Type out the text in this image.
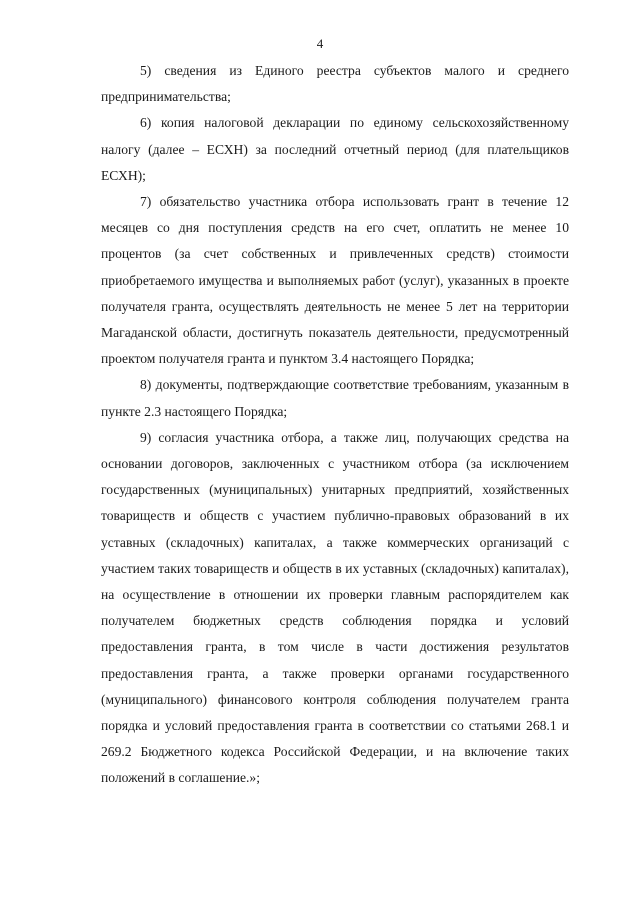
4

5) сведения из Единого реестра субъектов малого и среднего предпринимательства;

6) копия налоговой декларации по единому сельскохозяйственному налогу (далее – ЕСХН) за последний отчетный период (для плательщиков ЕСХН);

7) обязательство участника отбора использовать грант в течение 12 месяцев со дня поступления средств на его счет, оплатить не менее 10 процентов (за счет собственных и привлеченных средств) стоимости приобретаемого имущества и выполняемых работ (услуг), указанных в проекте получателя гранта, осуществлять деятельность не менее 5 лет на территории Магаданской области, достигнуть показатель деятельности, предусмотренный проектом получателя гранта и пунктом 3.4 настоящего Порядка;

8) документы, подтверждающие соответствие требованиям, указанным в пункте 2.3 настоящего Порядка;

9) согласия участника отбора, а также лиц, получающих средства на основании договоров, заключенных с участником отбора (за исключением государственных (муниципальных) унитарных предприятий, хозяйственных товариществ и обществ с участием публично-правовых образований в их уставных (складочных) капиталах, а также коммерческих организаций с участием таких товариществ и обществ в их уставных (складочных) капиталах), на осуществление в отношении их проверки главным распорядителем как получателем бюджетных средств соблюдения порядка и условий предоставления гранта, в том числе в части достижения результатов предоставления гранта, а также проверки органами государственного (муниципального) финансового контроля соблюдения получателем гранта порядка и условий предоставления гранта в соответствии со статьями 268.1 и 269.2 Бюджетного кодекса Российской Федерации, и на включение таких положений в соглашение.»;
